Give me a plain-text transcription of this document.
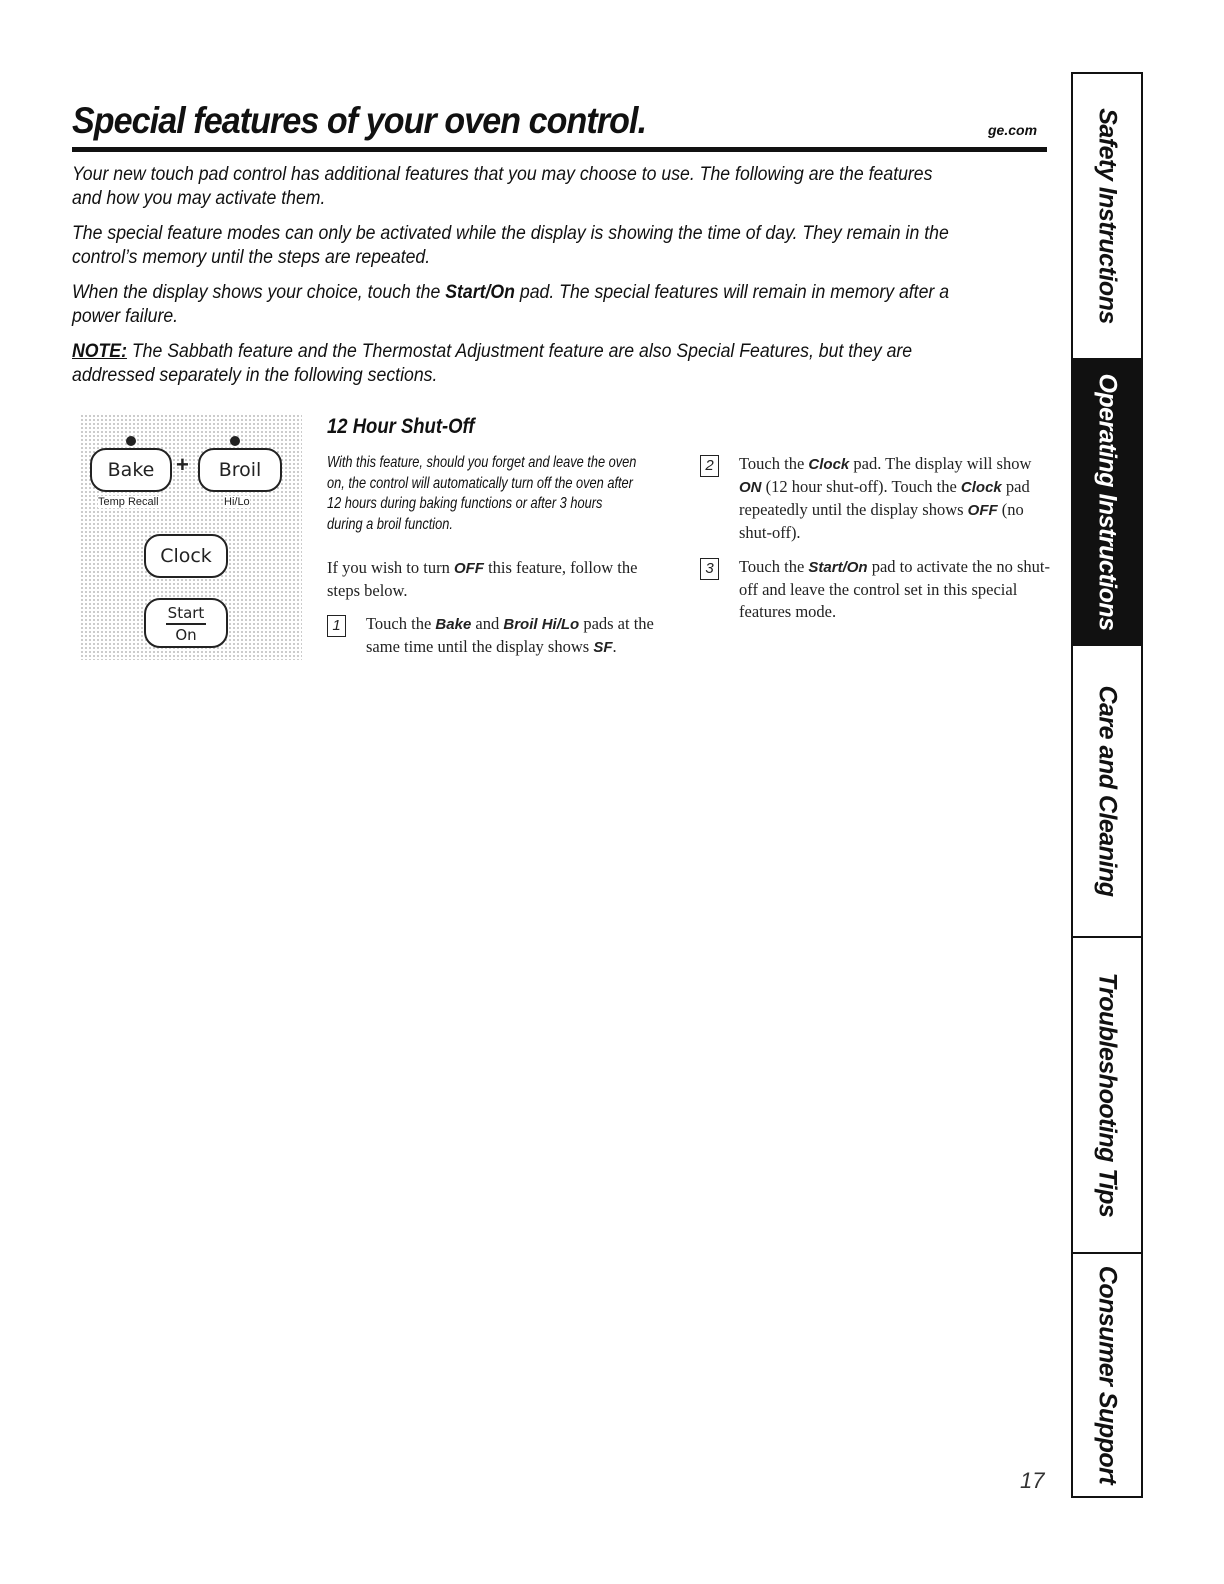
Special features of your oven control.	ge.com

Your new touch pad control has additional features that you may choose to use. The following are the features and how you may activate them.

The special feature modes can only be activated while the display is showing the time of day. They remain in the control’s memory until the steps are repeated.

When the display shows your choice, touch the Start/On pad. The special features will remain in memory after a power failure.

NOTE: The Sabbath feature and the Thermostat Adjustment feature are also Special Features, but they are addressed separately in the following sections.

Bake +	Broil
Temp Recall	Hi/Lo
Clock
Start
On
12 Hour Shut-Off
With this feature, should you forget and leave the oven on, the control will automatically turn off the oven after 12 hours during baking functions or after 3 hours during a broil function.
If you wish to turn OFF this feature, follow the steps below.
1	Touch the Bake and Broil Hi/Lo pads at the same time until the display shows SF.
2	Touch the Clock pad. The display will show ON (12 hour shut-off). Touch the Clock pad repeatedly until the display shows OFF (no shut-off).
3	Touch the Start/On pad to activate the no shut-off and leave the control set in this special features mode.
17
Safety Instructions
Operating Instructions
Care and Cleaning
Troubleshooting Tips
Consumer Support
